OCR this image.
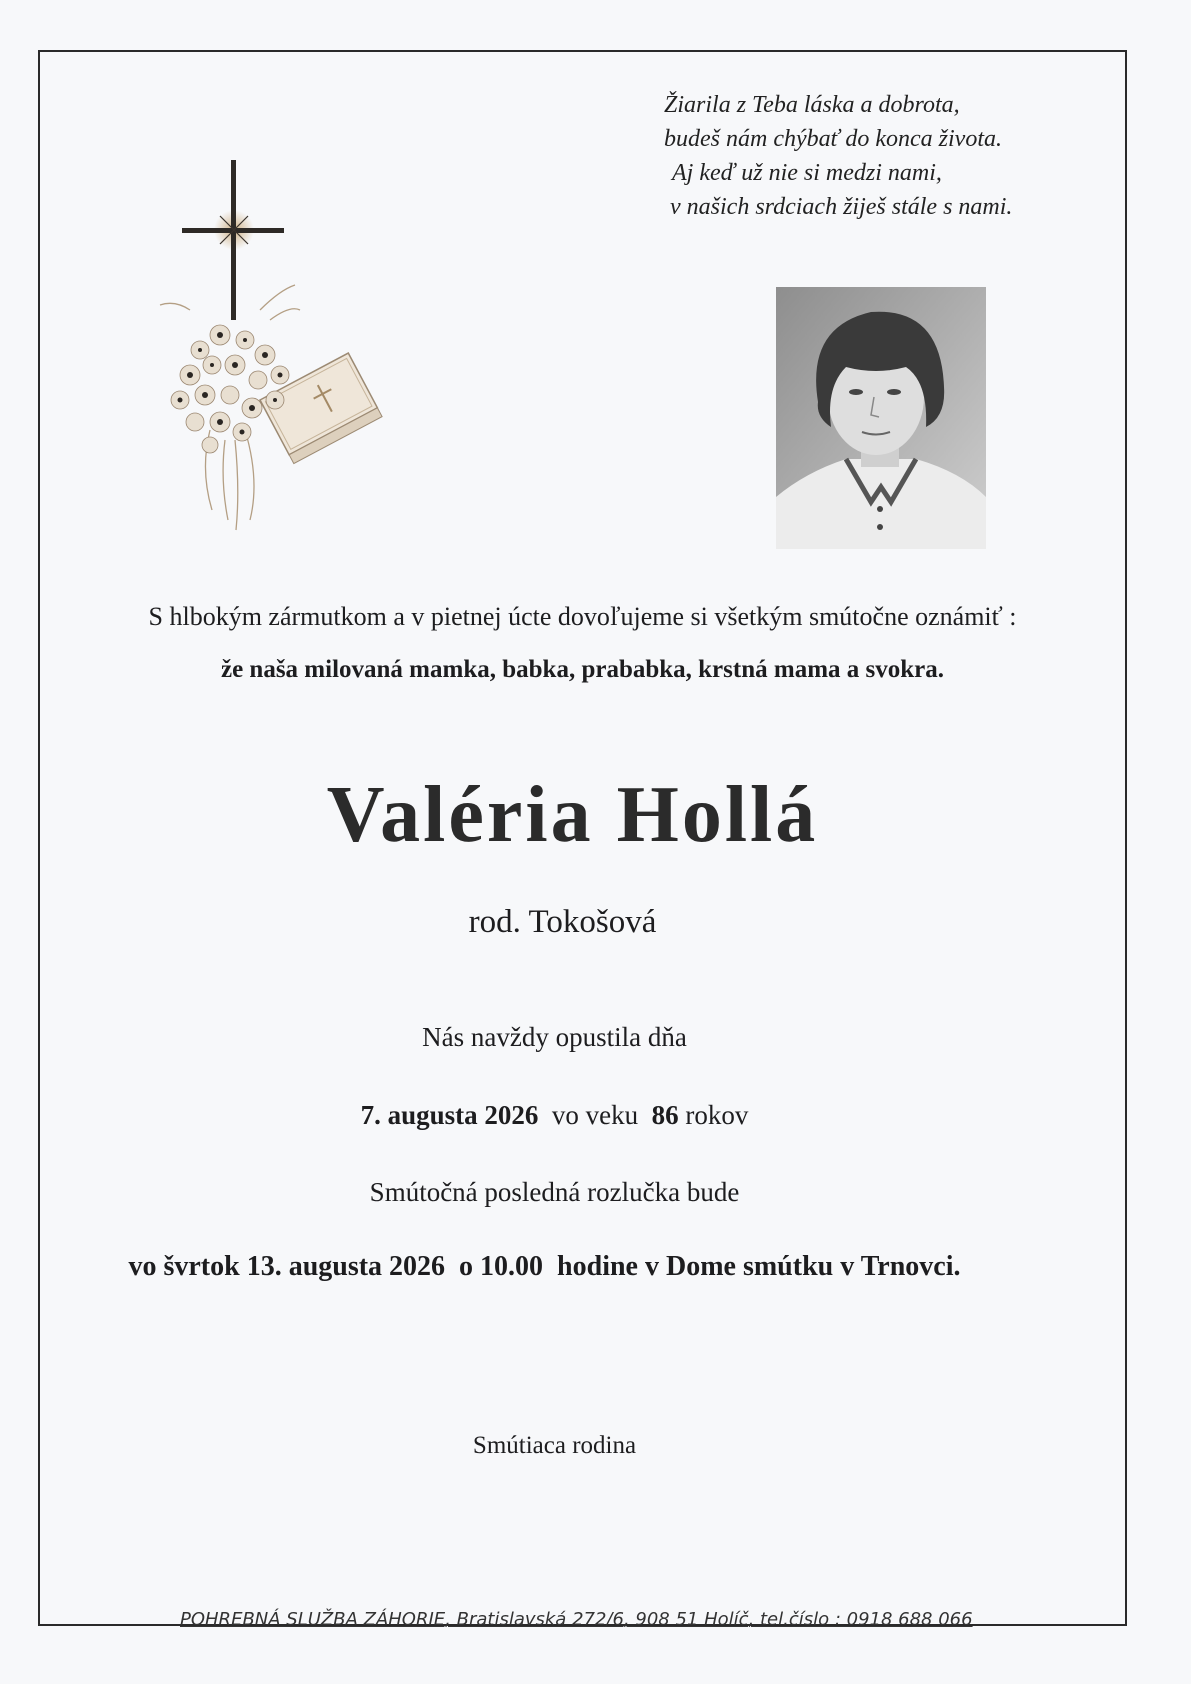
Žiarila z Teba láska a dobrota,
budeš nám chýbať do konca života.
Aj keď už nie si medzi nami,
v našich srdciach žiješ stále s nami.
S hlbokým zármutkom a v pietnej úcte dovoľujeme si všetkým smútočne oznámiť :
že naša milovaná mamka, babka, prababka, krstná mama a svokra.
Valéria Hollá
rod. Tokošová
Nás navždy opustila dňa
7. augusta 2026 vo veku 86 rokov
Smútočná posledná rozlučka bude
vo švrtok 13. augusta 2026  o 10.00  hodine v Dome smútku v Trnovci.
Smútiaca rodina
POHREBNÁ SLUŽBA ZÁHORIE, Bratislavská 272/6, 908 51 Holíč, tel.číslo : 0918 688 066
